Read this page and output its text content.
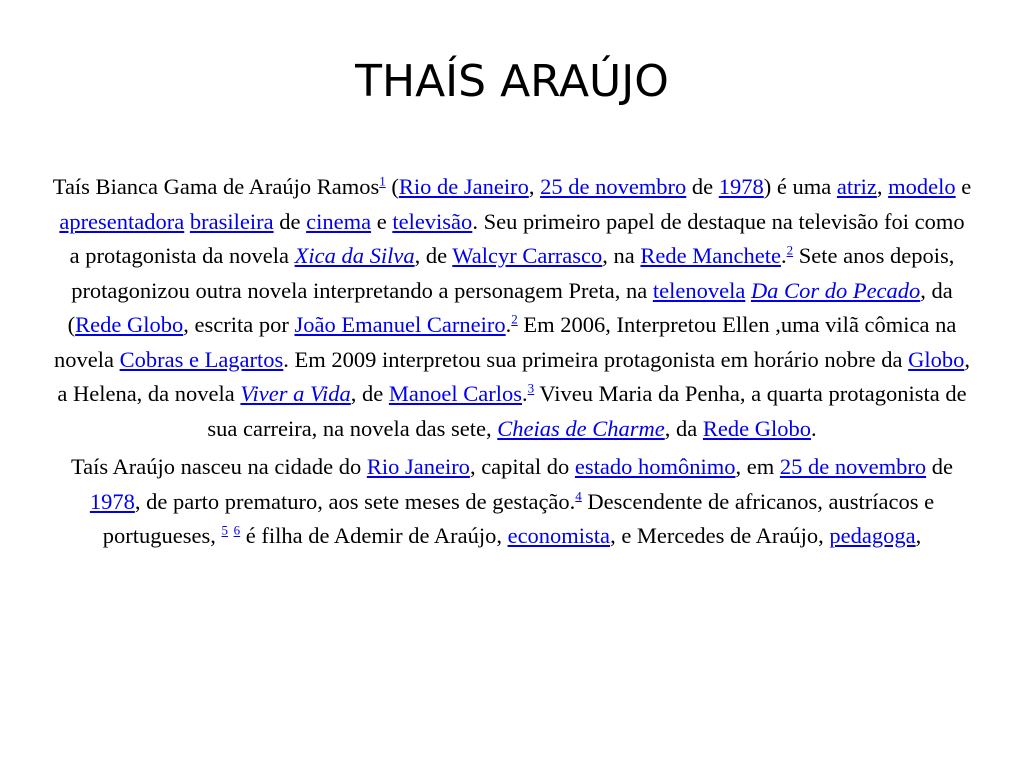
THAÍS ARAÚJO

Taís Bianca Gama de Araújo Ramos$^1$ (Rio de Janeiro, 25 de novembro de 1978) é uma atriz, modelo e apresentadora brasileira de cinema e televisão. Seu primeiro papel de destaque na televisão foi como a protagonista da novela Xica da Silva, de Walcyr Carrasco, na Rede Manchete.$^2$ Sete anos depois, protagonizou outra novela interpretando a personagem Preta, na telenovela Da Cor do Pecado, da (Rede Globo, escrita por João Emanuel Carneiro.$^2$ Em 2006, Interpretou Ellen ,uma vilã cômica na novela Cobras e Lagartos. Em 2009 interpretou sua primeira protagonista em horário nobre da Globo, a Helena, da novela Viver a Vida, de Manoel Carlos.$^3$ Viveu Maria da Penha, a quarta protagonista de sua carreira, na novela das sete, Cheias de Charme, da Rede Globo.

Taís Araújo nasceu na cidade do Rio Janeiro, capital do estado homônimo, em 25 de novembro de 1978, de parto prematuro, aos sete meses de gestação.$^4$ Descendente de africanos, austríacos e portugueses, $^5$ $^6$ é filha de Ademir de Araújo, economista, e Mercedes de Araújo, pedagoga,
